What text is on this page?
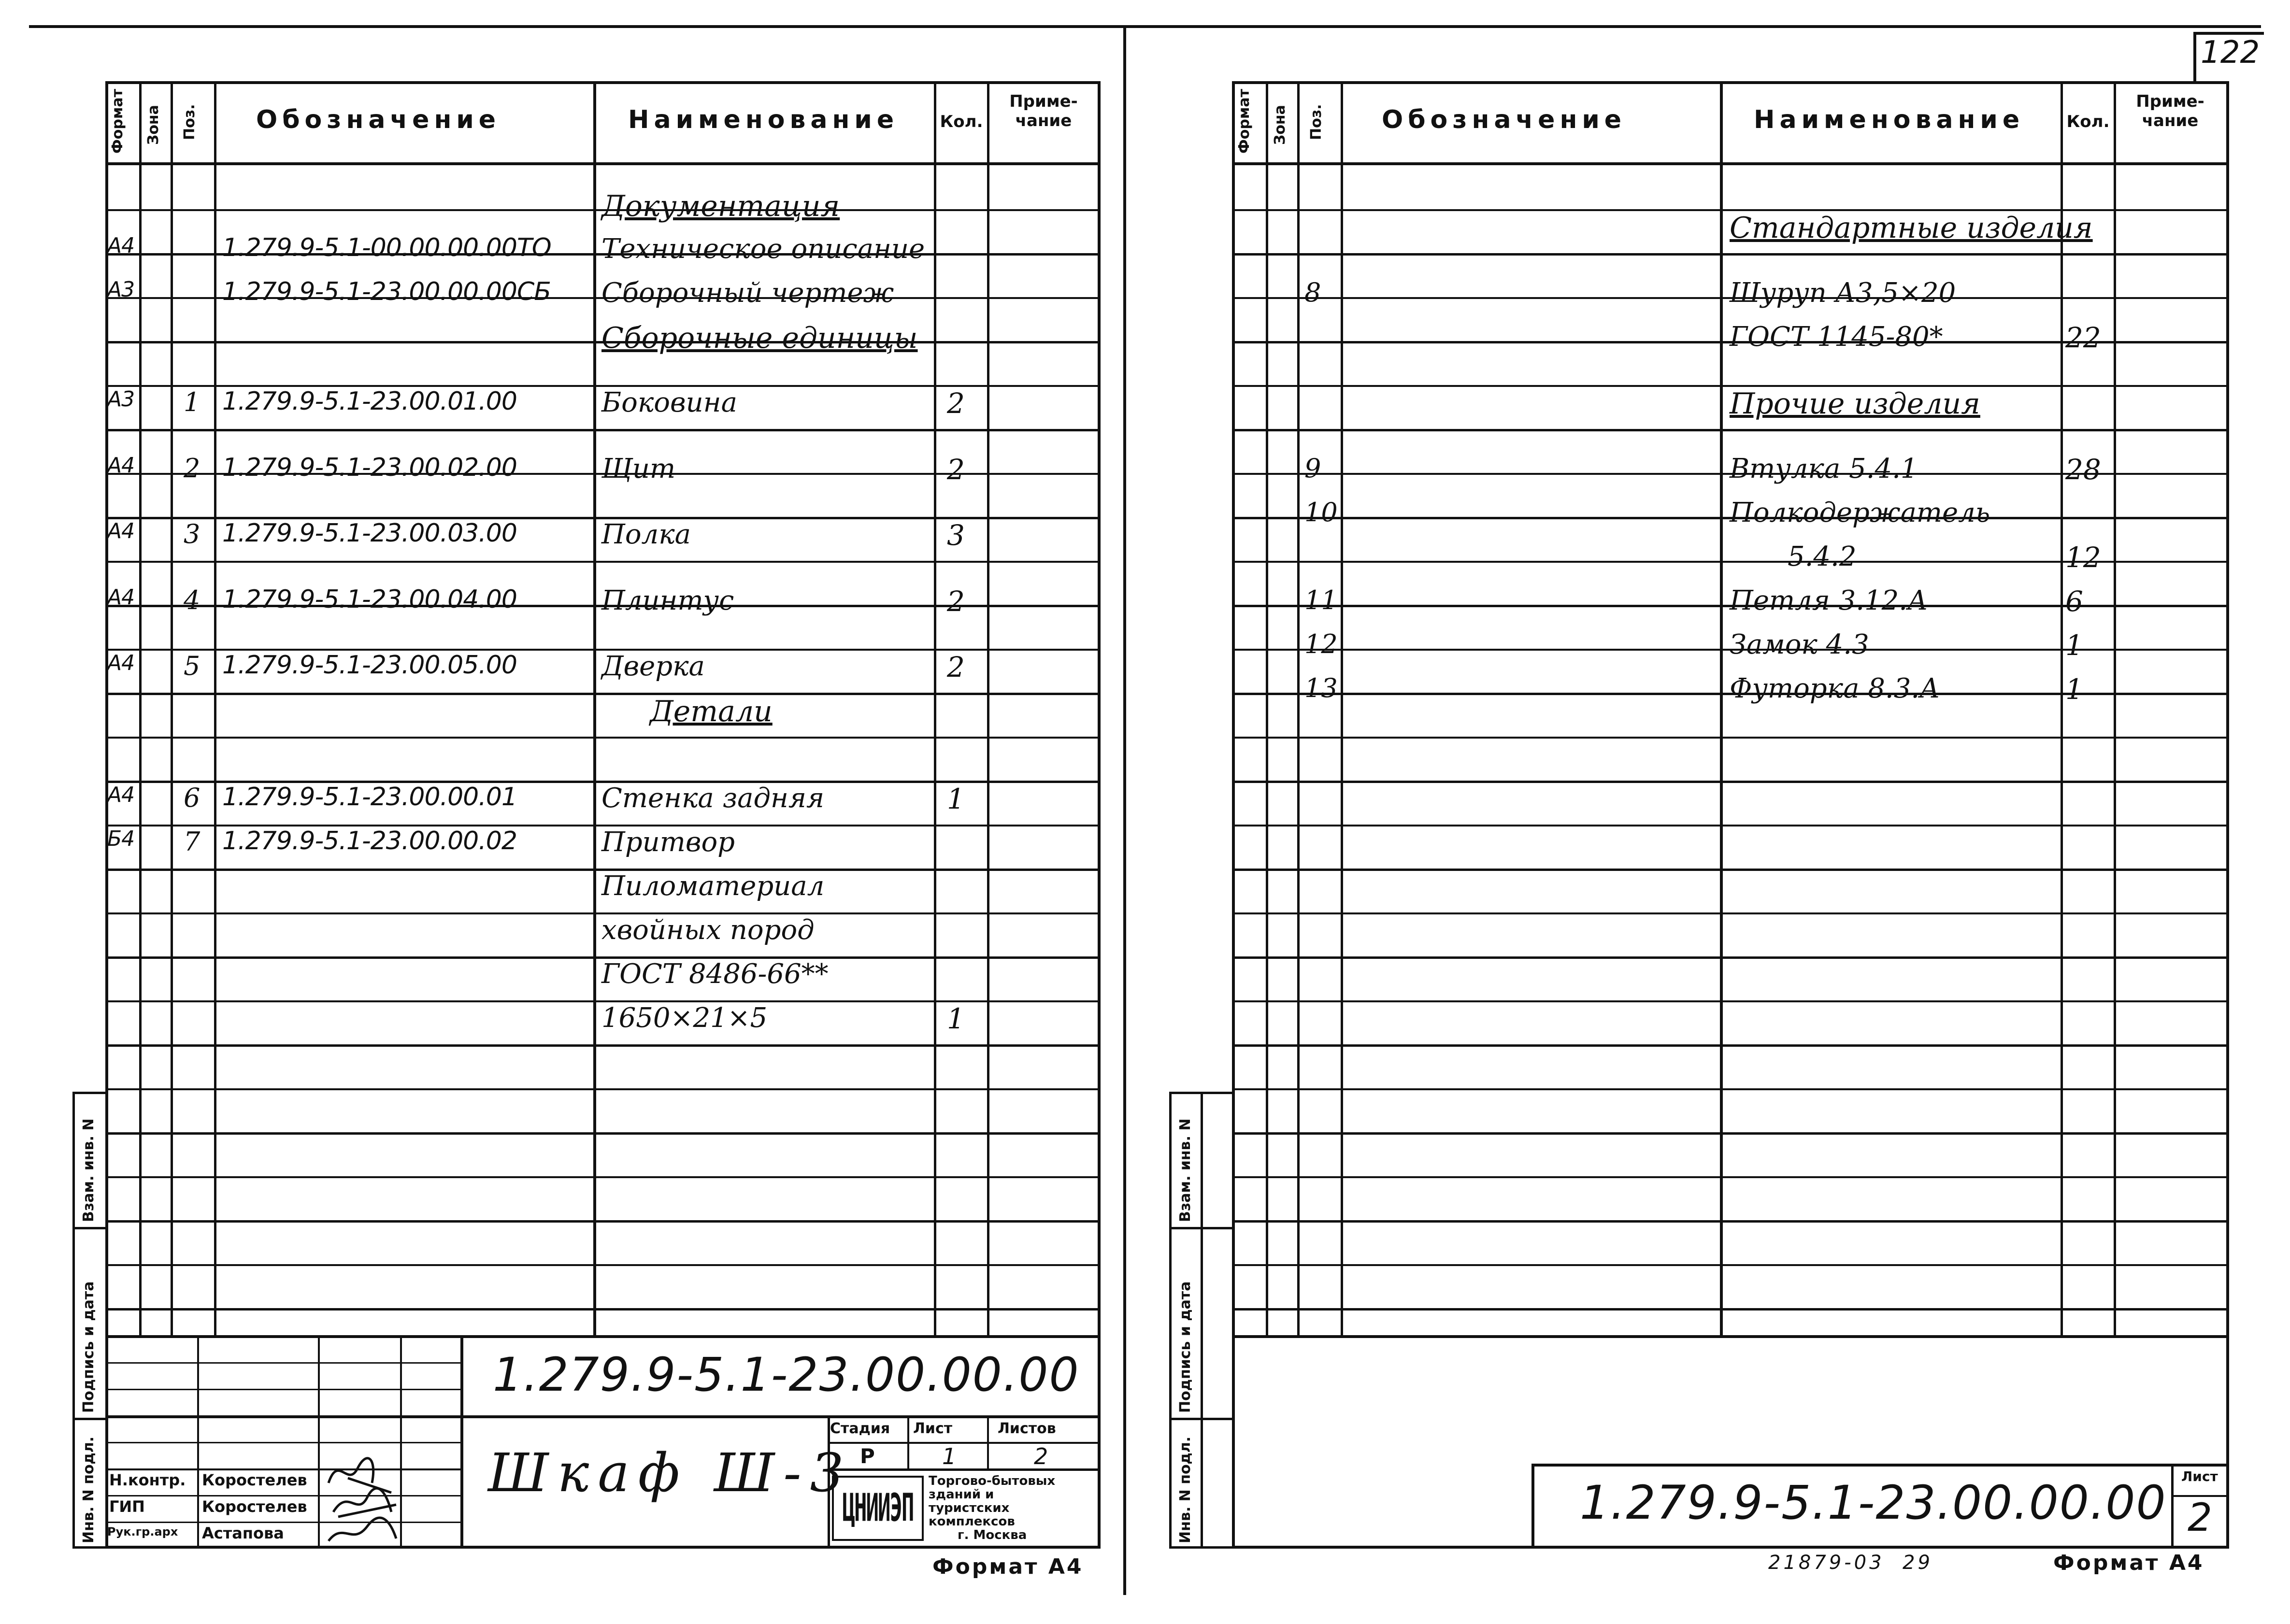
122
Формат Зона Поз. Обозначение	Наименование	Кол.
Приме- чание
Документация
А4	1.279.9-5.1-00.00.00.00ТО Техническое описание
А3	1.279.9-5.1-23.00.00.00СБ Сборочный чертеж
Сборочные единицы
А3 1 1.279.9-5.1-23.00.01.00	Боковина	2
А4 2 1.279.9-5.1-23.00.02.00	Щит	2
А4 3 1.279.9-5.1-23.00.03.00	Полка	3
А4 4 1.279.9-5.1-23.00.04.00	Плинтус	2
А4 5 1.279.9-5.1-23.00.05.00	Дверка	2
Детали
А4 6 1.279.9-5.1-23.00.00.01	Стенка задняя	1
Б4 7 1.279.9-5.1-23.00.00.02	Притвор
Пиломатериал
хвойных пород
ГОСТ 8486-66**
1650×21×5	1
Взам. инв. N
Подпись и дата
Инв. N подл.
1.279.9-5.1-23.00.00.00
Шкаф Ш-3
Стадия Лист	Листов
Р	1	2
ЦНИИЭП
Торгово-бытовых
зданий и
туристских
комплексов
г. Москва
Н.контр. Коростелев
ГИП	Коростелев
Рук.гр.арх Астапова
Формат А4
Формат Зона Поз. Обозначение	Наименование	Кол.
Приме- чание
Стандартные изделия
8	Шуруп А3,5×20
ГОСТ 1145-80*	22
Прочие изделия
9	Втулка 5.4.1	28
10	Полкодержатель
5.4.2	12
11	Петля 3.12.А	6
12	Замок 4.3	1
13	Футорка 8.3.А	1
Взам. инв. N
Подпись и дата
Инв. N подл.	1.279.9-5.1-23.00.00.00 Лист
2
21879-03  29	Формат А4
